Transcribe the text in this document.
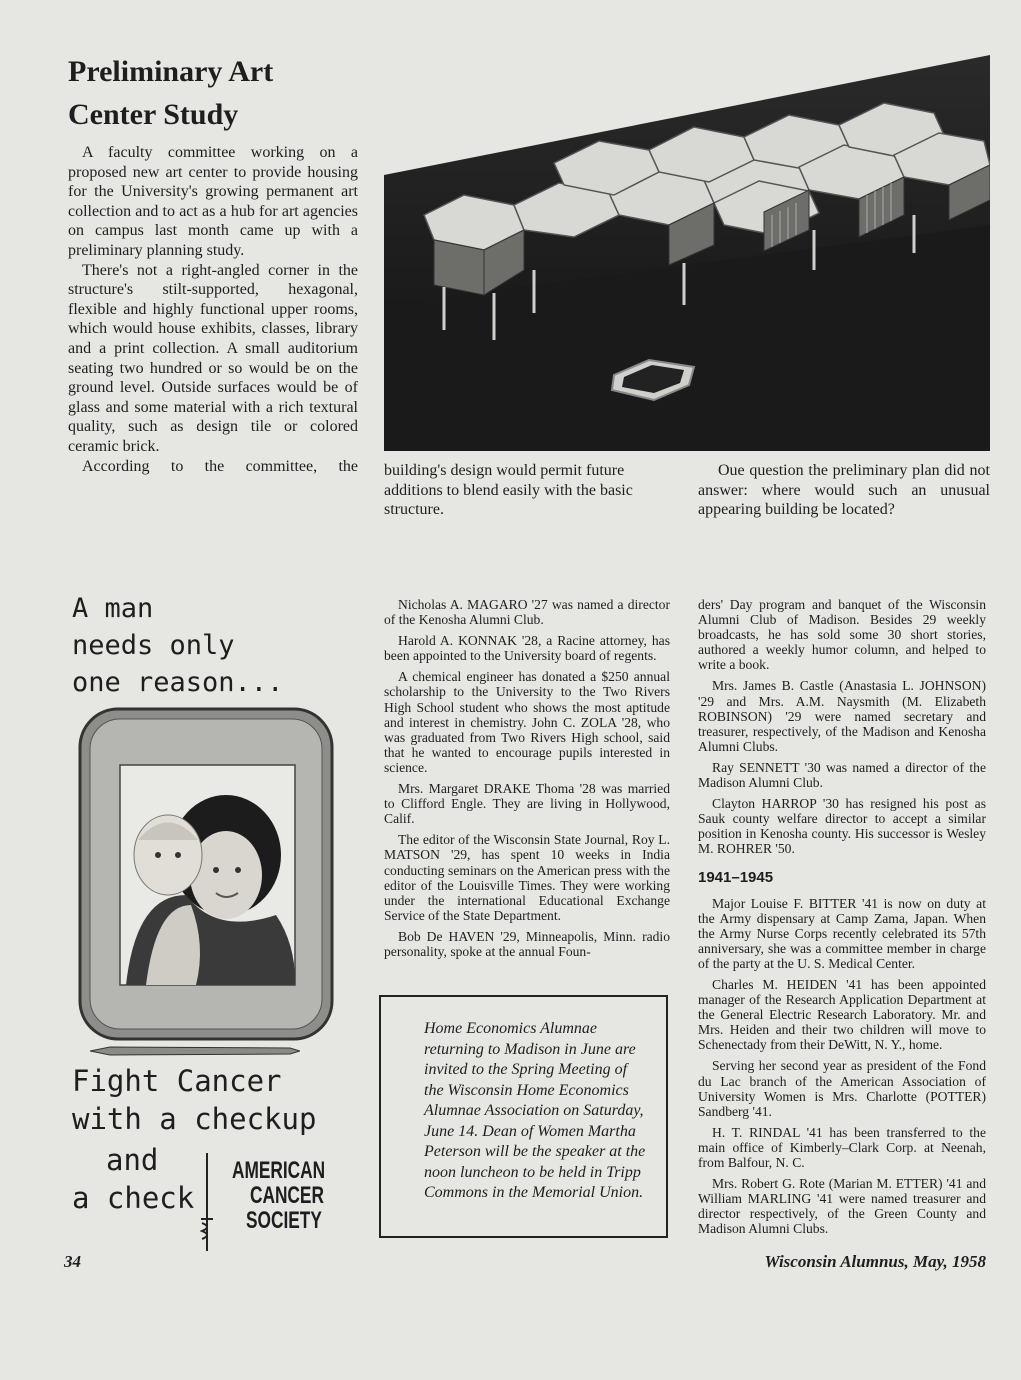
Preliminary Art
Center Study

A faculty committee working on a proposed new art center to provide housing for the University's growing permanent art collection and to act as a hub for art agencies on campus last month came up with a preliminary planning study.

There's not a right-angled corner in the structure's stilt-supported, hexagonal, flexible and highly functional upper rooms, which would house exhibits, classes, library and a print collection. A small auditorium seating two hundred or so would be on the ground level. Outside surfaces would be of glass and some material with a rich textural quality, such as design tile or colored ceramic brick.

According to the committee, the building's design would permit future additions to blend easily with the basic structure.

Oue question the preliminary plan did not answer: where would such an unusual appearing building be located?

A man

needs only

one reason...

Fight Cancer

with a checkup

and

a check

AMERICAN

CANCER

SOCIETY

Nicholas A. MAGARO '27 was named a director of the Kenosha Alumni Club.

Harold A. KONNAK '28, a Racine attorney, has been appointed to the University board of regents.

A chemical engineer has donated a $250 annual scholarship to the University to the Two Rivers High School student who shows the most aptitude and interest in chemistry. John C. ZOLA '28, who was graduated from Two Rivers High school, said that he wanted to encourage pupils interested in science.

Mrs. Margaret DRAKE Thoma '28 was married to Clifford Engle. They are living in Hollywood, Calif.

The editor of the Wisconsin State Journal, Roy L. MATSON '29, has spent 10 weeks in India conducting seminars on the American press with the editor of the Louisville Times. They were working under the international Educational Exchange Service of the State Department.

Bob De HAVEN '29, Minneapolis, Minn. radio personality, spoke at the annual Foun-

Home Economics Alumnae returning to Madison in June are invited to the Spring Meeting of the Wisconsin Home Economics Alumnae Association on Saturday, June 14. Dean of Women Martha Peterson will be the speaker at the noon luncheon to be held in Tripp Commons in the Memorial Union.

ders' Day program and banquet of the Wisconsin Alumni Club of Madison. Besides 29 weekly broadcasts, he has sold some 30 short stories, authored a weekly humor column, and helped to write a book.

Mrs. James B. Castle (Anastasia L. JOHNSON) '29 and Mrs. A.M. Naysmith (M. Elizabeth ROBINSON) '29 were named secretary and treasurer, respectively, of the Madison and Kenosha Alumni Clubs.

Ray SENNETT '30 was named a director of the Madison Alumni Club.

Clayton HARROP '30 has resigned his post as Sauk county welfare director to accept a similar position in Kenosha county. His successor is Wesley M. ROHRER '50.

1941–1945

Major Louise F. BITTER '41 is now on duty at the Army dispensary at Camp Zama, Japan. When the Army Nurse Corps recently celebrated its 57th anniversary, she was a committee member in charge of the party at the U. S. Medical Center.

Charles M. HEIDEN '41 has been appointed manager of the Research Application Department at the General Electric Research Laboratory. Mr. and Mrs. Heiden and their two children will move to Schenectady from their DeWitt, N. Y., home.

Serving her second year as president of the Fond du Lac branch of the American Association of University Women is Mrs. Charlotte (POTTER) Sandberg '41.

H. T. RINDAL '41 has been transferred to the main office of Kimberly–Clark Corp. at Neenah, from Balfour, N. C.

Mrs. Robert G. Rote (Marian M. ETTER) '41 and William MARLING '41 were named treasurer and director respectively, of the Green County and Madison Alumni Clubs.

34	Wisconsin Alumnus, May, 1958
